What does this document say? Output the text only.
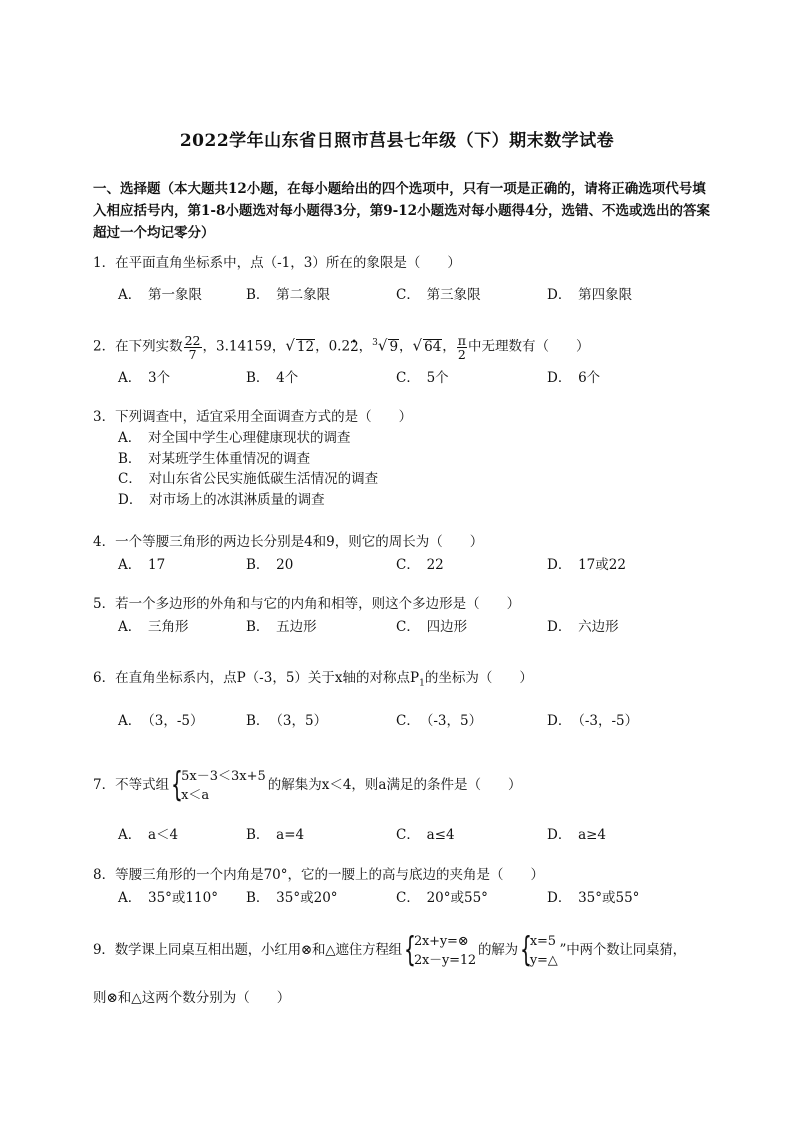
2022学年山东省日照市莒县七年级（下）期末数学试卷
一、选择题（本大题共12小题，在每小题给出的四个选项中，只有一项是正确的，请将正确选项代号填入相应括号内，第1-8小题选对每小题得3分，第9-12小题选对每小题得4分，选错、不选或选出的答案超过一个均记零分）
1．在平面直角坐标系中，点（-1，3）所在的象限是（　　）
A．　第一象限	B．　第二象限	C．　第三象限	D．　第四象限
2．在下列实数 $\frac{22}{7}$ ，3.14159，√ 12，0.2• 2，$^3$√ 9，√ 64， $\frac{\pi}{2}$ 中无理数有（　　）
A．　3个	B．　4个	C．　5个	D．　6个
3．下列调查中，适宜采用全面调查方式的是（　　）
A．　对全国中学生心理健康现状的调查
B．　对某班学生体重情况的调查
C．　对山东省公民实施低碳生活情况的调查
D．　对市场上的冰淇淋质量的调查
4．一个等腰三角形的两边长分别是4和9，则它的周长为（　　）
A．　17	B．　20	C．　22	D．　17或22
5．若一个多边形的外角和与它的内角和相等，则这个多边形是（　　）
A．　三角形	B．　五边形	C．　四边形	D．　六边形
6．在直角坐标系内，点P（-3，5）关于x轴的对称点$P_1$的坐标为（　　）
A．　（3，-5）	B．　（3，5）	C．　（-3，5）	D．　（-3，-5）
7．不等式组 {
5x－3＜3x+5
x＜a
的解集为x＜4，则a满足的条件是（　　）
A．　a＜4	B．　a=4	C．　a≤4	D．　a≥4
8．等腰三角形的一个内角是70°，它的一腰上的高与底边的夹角是（　　）
A．　35°或110° B．　35°或20°	C．　20°或55°	D．　35°或55°
9．数学课上同桌互相出题，小红用⊗和△遮住方程组 {
2x+y=⊗
2x－y=12
的解为 {
x=5
y=△
”中两个数让同桌猜，
则⊗和△这两个数分别为（　　）
